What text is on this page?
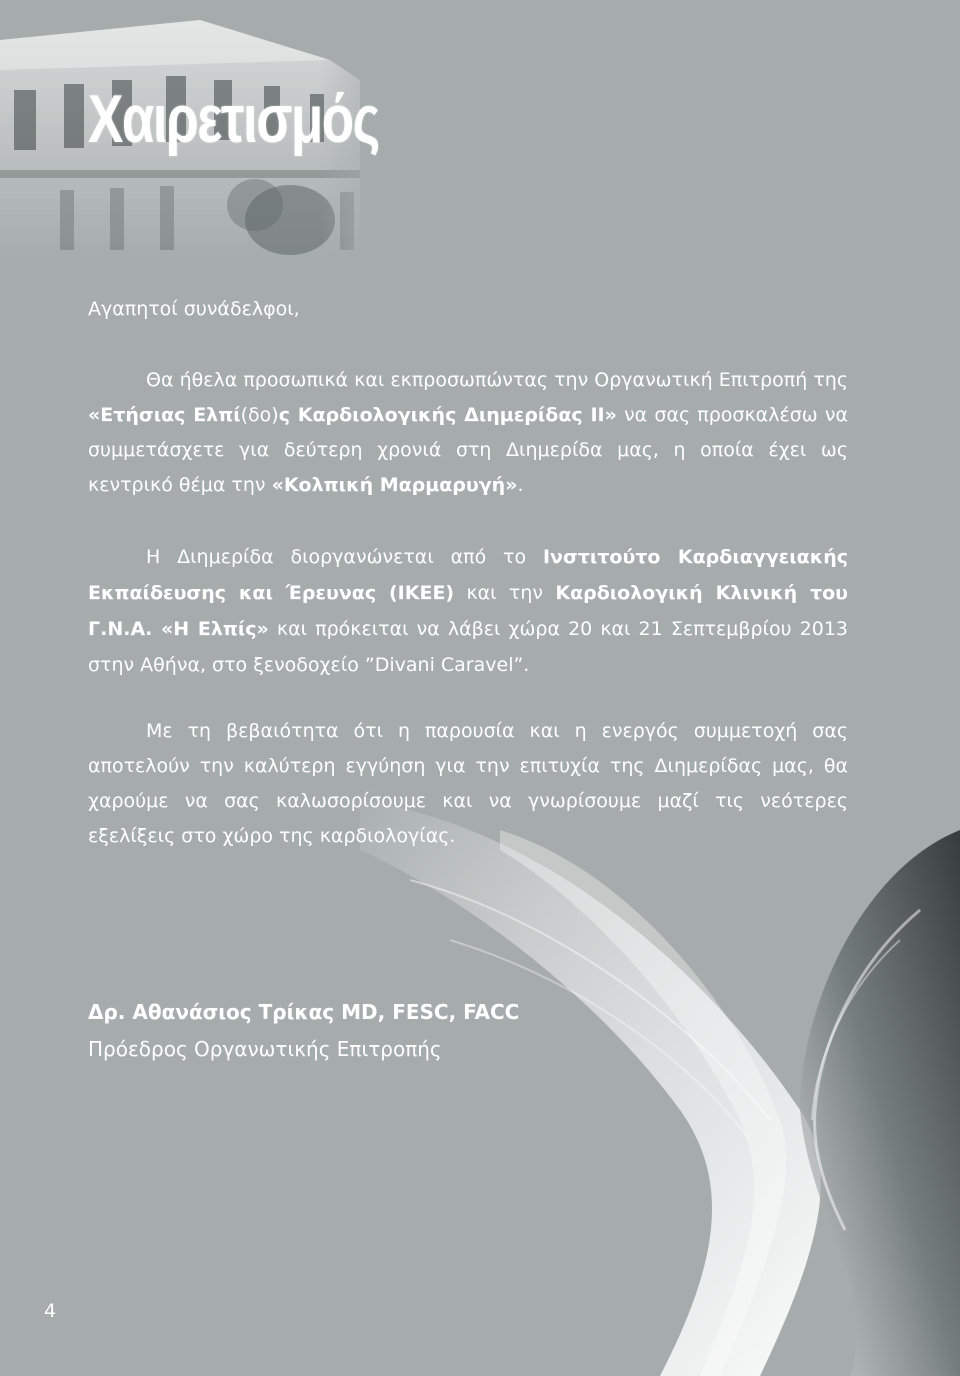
Χαιρετισμός

Αγαπητοί συνάδελφοι,

Θα ήθελα προσωπικά και εκπροσωπώντας την Οργανωτική Επιτροπή της «Ετήσιας Ελπί(δο)ς Καρδιολογικής Διημερίδας ΙΙ» να σας προσκαλέσω να συμμετάσχετε για δεύτερη χρονιά στη Διημερίδα μας, η οποία έχει ως κεντρικό θέμα την «Κολπική Μαρμαρυγή».

Η Διημερίδα διοργανώνεται από το Ινστιτούτο Καρδιαγγειακής Εκπαίδευσης και Έρευνας (ΙΚΕΕ) και την Καρδιολογική Κλινική του Γ.Ν.Α. «Η Ελπίς» και πρόκειται να λάβει χώρα 20 και 21 Σεπτεμβρίου 2013 στην Αθήνα, στο ξενοδοχείο ”Divani Caravel”.

Με τη βεβαιότητα ότι η παρουσία και η ενεργός συμμετοχή σας αποτελούν την καλύτερη εγγύηση για την επιτυχία της Διημερίδας μας, θα χαρούμε να σας καλωσορίσουμε και να γνωρίσουμε μαζί τις νεότερες εξελίξεις στο χώρο της καρδιολογίας.

Δρ. Αθανάσιος Τρίκας MD, FESC, FACC
Πρόεδρος Οργανωτικής Επιτροπής
4
